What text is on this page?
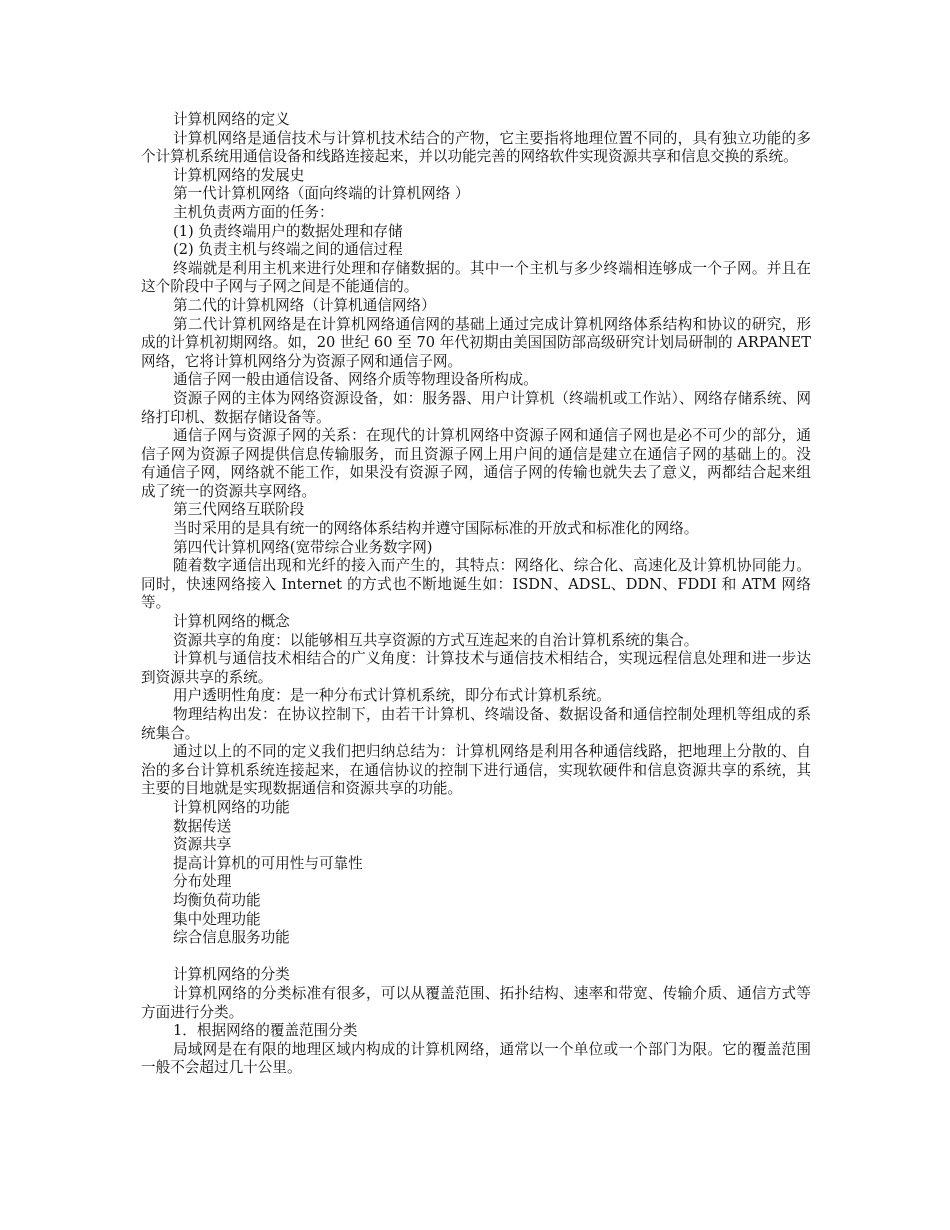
计算机网络的定义

计算机网络是通信技术与计算机技术结合的产物，它主要指将地理位置不同的，具有独立功能的多个计算机系统用通信设备和线路连接起来，并以功能完善的网络软件实现资源共享和信息交换的系统。

计算机网络的发展史

第一代计算机网络（面向终端的计算机网络 ）

主机负责两方面的任务：

(1) 负责终端用户的数据处理和存储

(2) 负责主机与终端之间的通信过程

终端就是利用主机来进行处理和存储数据的。其中一个主机与多少终端相连够成一个子网。并且在这个阶段中子网与子网之间是不能通信的。

第二代的计算机网络（计算机通信网络）

第二代计算机网络是在计算机网络通信网的基础上通过完成计算机网络体系结构和协议的研究，形成的计算机初期网络。如，20 世纪 60 至 70 年代初期由美国国防部高级研究计划局研制的 ARPANET 网络，它将计算机网络分为资源子网和通信子网。

通信子网一般由通信设备、网络介质等物理设备所构成。

资源子网的主体为网络资源设备，如：服务器、用户计算机（终端机或工作站）、网络存储系统、网络打印机、数据存储设备等。

通信子网与资源子网的关系：在现代的计算机网络中资源子网和通信子网也是必不可少的部分，通信子网为资源子网提供信息传输服务，而且资源子网上用户间的通信是建立在通信子网的基础上的。没有通信子网，网络就不能工作，如果没有资源子网，通信子网的传输也就失去了意义，两都结合起来组成了统一的资源共享网络。

第三代网络互联阶段

当时采用的是具有统一的网络体系结构并遵守国际标准的开放式和标准化的网络。

第四代计算机网络(宽带综合业务数字网)

随着数字通信出现和光纤的接入而产生的，其特点：网络化、综合化、高速化及计算机协同能力。同时，快速网络接入 Internet 的方式也不断地诞生如：ISDN、ADSL、DDN、FDDI 和 ATM 网络等。

计算机网络的概念

资源共享的角度：以能够相互共享资源的方式互连起来的自治计算机系统的集合。

计算机与通信技术相结合的广义角度：计算技术与通信技术相结合，实现远程信息处理和进一步达到资源共享的系统。

用户透明性角度：是一种分布式计算机系统，即分布式计算机系统。

物理结构出发：在协议控制下，由若干计算机、终端设备、数据设备和通信控制处理机等组成的系统集合。

通过以上的不同的定义我们把归纳总结为：计算机网络是利用各种通信线路，把地理上分散的、自治的多台计算机系统连接起来，在通信协议的控制下进行通信，实现软硬件和信息资源共享的系统，其主要的目地就是实现数据通信和资源共享的功能。

计算机网络的功能

数据传送

资源共享

提高计算机的可用性与可靠性

分布处理

均衡负荷功能

集中处理功能

综合信息服务功能

计算机网络的分类

计算机网络的分类标准有很多，可以从覆盖范围、拓扑结构、速率和带宽、传输介质、通信方式等方面进行分类。

1．根据网络的覆盖范围分类

局域网是在有限的地理区域内构成的计算机网络，通常以一个单位或一个部门为限。它的覆盖范围一般不会超过几十公里。
